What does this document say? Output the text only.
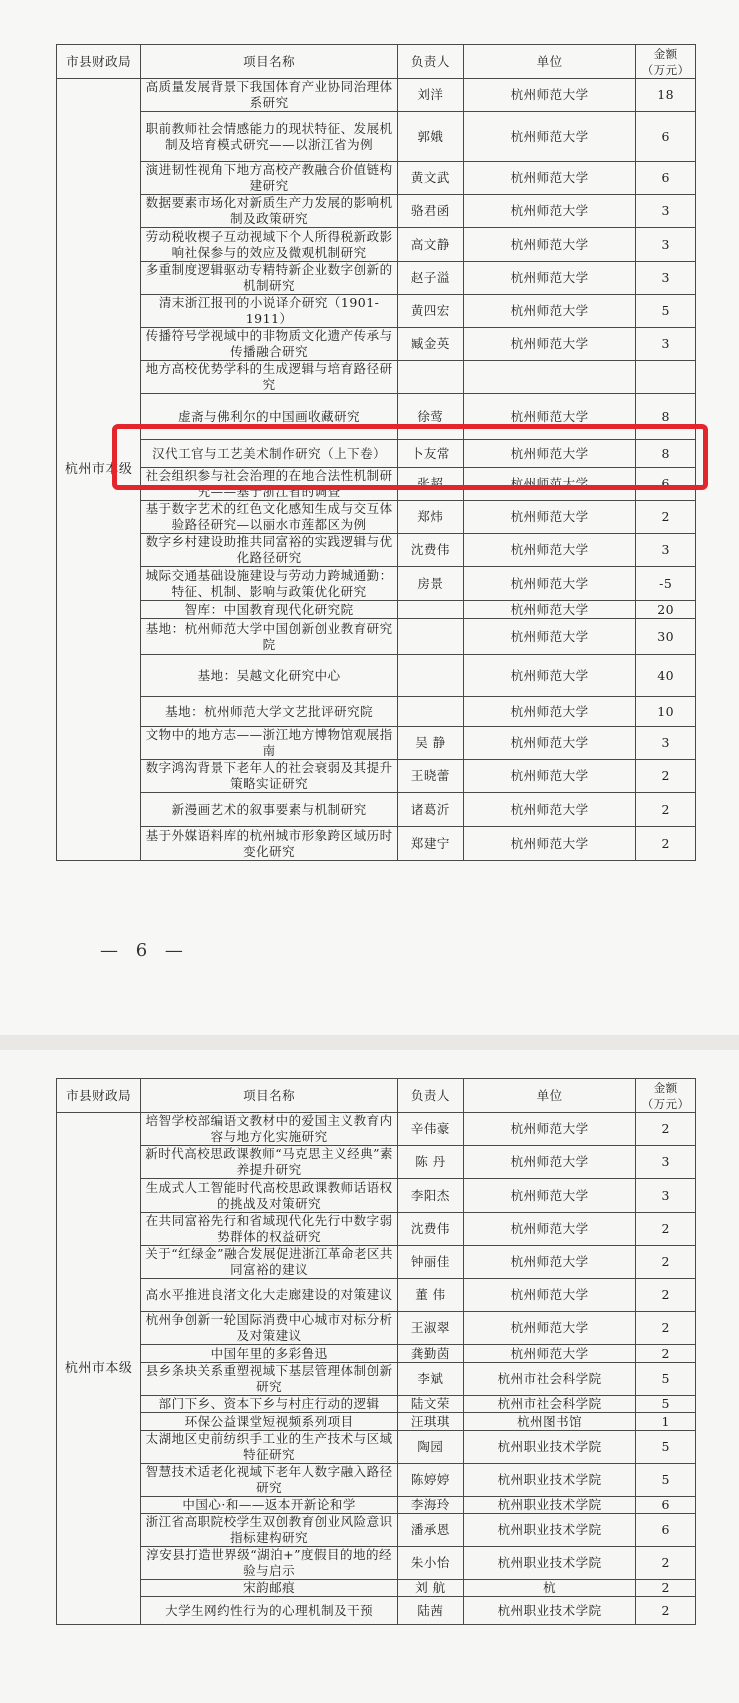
市县财政局	项目名称	负责人	单位	金额
（万元）
杭州市本级	高质量发展背景下我国体育产业协同治理体系研究	刘洋	杭州师范大学	18
	职前教师社会情感能力的现状特征、发展机制及培育模式研究——以浙江省为例	郭娥	杭州师范大学	6
	演进韧性视角下地方高校产教融合价值链构建研究	黄文武	杭州师范大学	6
	数据要素市场化对新质生产力发展的影响机制及政策研究	骆君函	杭州师范大学	3
	劳动税收楔子互动视域下个人所得税新政影响社保参与的效应及微观机制研究	高文静	杭州师范大学	3
	多重制度逻辑驱动专精特新企业数字创新的机制研究	赵子溢	杭州师范大学	3
	清末浙江报刊的小说译介研究（1901-1911）	黄四宏	杭州师范大学	5
	传播符号学视域中的非物质文化遗产传承与传播融合研究	臧金英	杭州师范大学	3
	地方高校优势学科的生成逻辑与培育路径研究			
	虚斋与佛利尔的中国画收藏研究	徐莺	杭州师范大学	8
	汉代工官与工艺美术制作研究（上下卷）	卜友常	杭州师范大学	8
	社会组织参与社会治理的在地合法性机制研究——基于浙江省的调查	张超	杭州师范大学	6
	基于数字艺术的红色文化感知生成与交互体验路径研究—以丽水市莲都区为例	郑炜	杭州师范大学	2
	数字乡村建设助推共同富裕的实践逻辑与优化路径研究	沈费伟	杭州师范大学	3
	城际交通基础设施建设与劳动力跨城通勤：特征、机制、影响与政策优化研究	房景	杭州师范大学	-5
	智库：中国教育现代化研究院		杭州师范大学	20
	基地：杭州师范大学中国创新创业教育研究院		杭州师范大学	30
	基地：吴越文化研究中心		杭州师范大学	40
	基地：杭州师范大学文艺批评研究院		杭州师范大学	10
	文物中的地方志——浙江地方博物馆观展指南	吴 静	杭州师范大学	3
	数字鸿沟背景下老年人的社会衰弱及其提升策略实证研究	王晓蕾	杭州师范大学	2
	新漫画艺术的叙事要素与机制研究	诸葛沂	杭州师范大学	2
	基于外媒语料库的杭州城市形象跨区域历时变化研究	郑建宁	杭州师范大学	2
— 6 —
市县财政局	项目名称	负责人	单位	金额
（万元）
杭州市本级	培智学校部编语文教材中的爱国主义教育内容与地方化实施研究	辛伟豪	杭州师范大学	2
	新时代高校思政课教师“马克思主义经典”素养提升研究	陈 丹	杭州师范大学	3
	生成式人工智能时代高校思政课教师话语权的挑战及对策研究	李阳杰	杭州师范大学	3
	在共同富裕先行和省域现代化先行中数字弱势群体的权益研究	沈费伟	杭州师范大学	2
	关于“红绿金”融合发展促进浙江革命老区共同富裕的建议	钟丽佳	杭州师范大学	2
	高水平推进良渚文化大走廊建设的对策建议	董 伟	杭州师范大学	2
	杭州争创新一轮国际消费中心城市对标分析及对策建议	王淑翠	杭州师范大学	2
	中国年里的多彩鲁迅	龚勤茵	杭州师范大学	2
	县乡条块关系重塑视域下基层管理体制创新研究	李斌	杭州市社会科学院	5
	部门下乡、资本下乡与村庄行动的逻辑	陆文荣	杭州市社会科学院	5
	环保公益课堂短视频系列项目	汪琪琪	杭州图书馆	1
	太湖地区史前纺织手工业的生产技术与区域特征研究	陶园	杭州职业技术学院	5
	智慧技术适老化视域下老年人数字融入路径研究	陈婷婷	杭州职业技术学院	5
	中国心·和——返本开新论和学	李海玲	杭州职业技术学院	6
	浙江省高职院校学生双创教育创业风险意识指标建构研究	潘承恩	杭州职业技术学院	6
	淳安县打造世界级“湖泊+”度假目的地的经验与启示	朱小怡	杭州职业技术学院	2
	宋韵邮痕	刘 航	杭	2
	大学生网约性行为的心理机制及干预	陆茜	杭州职业技术学院	2
